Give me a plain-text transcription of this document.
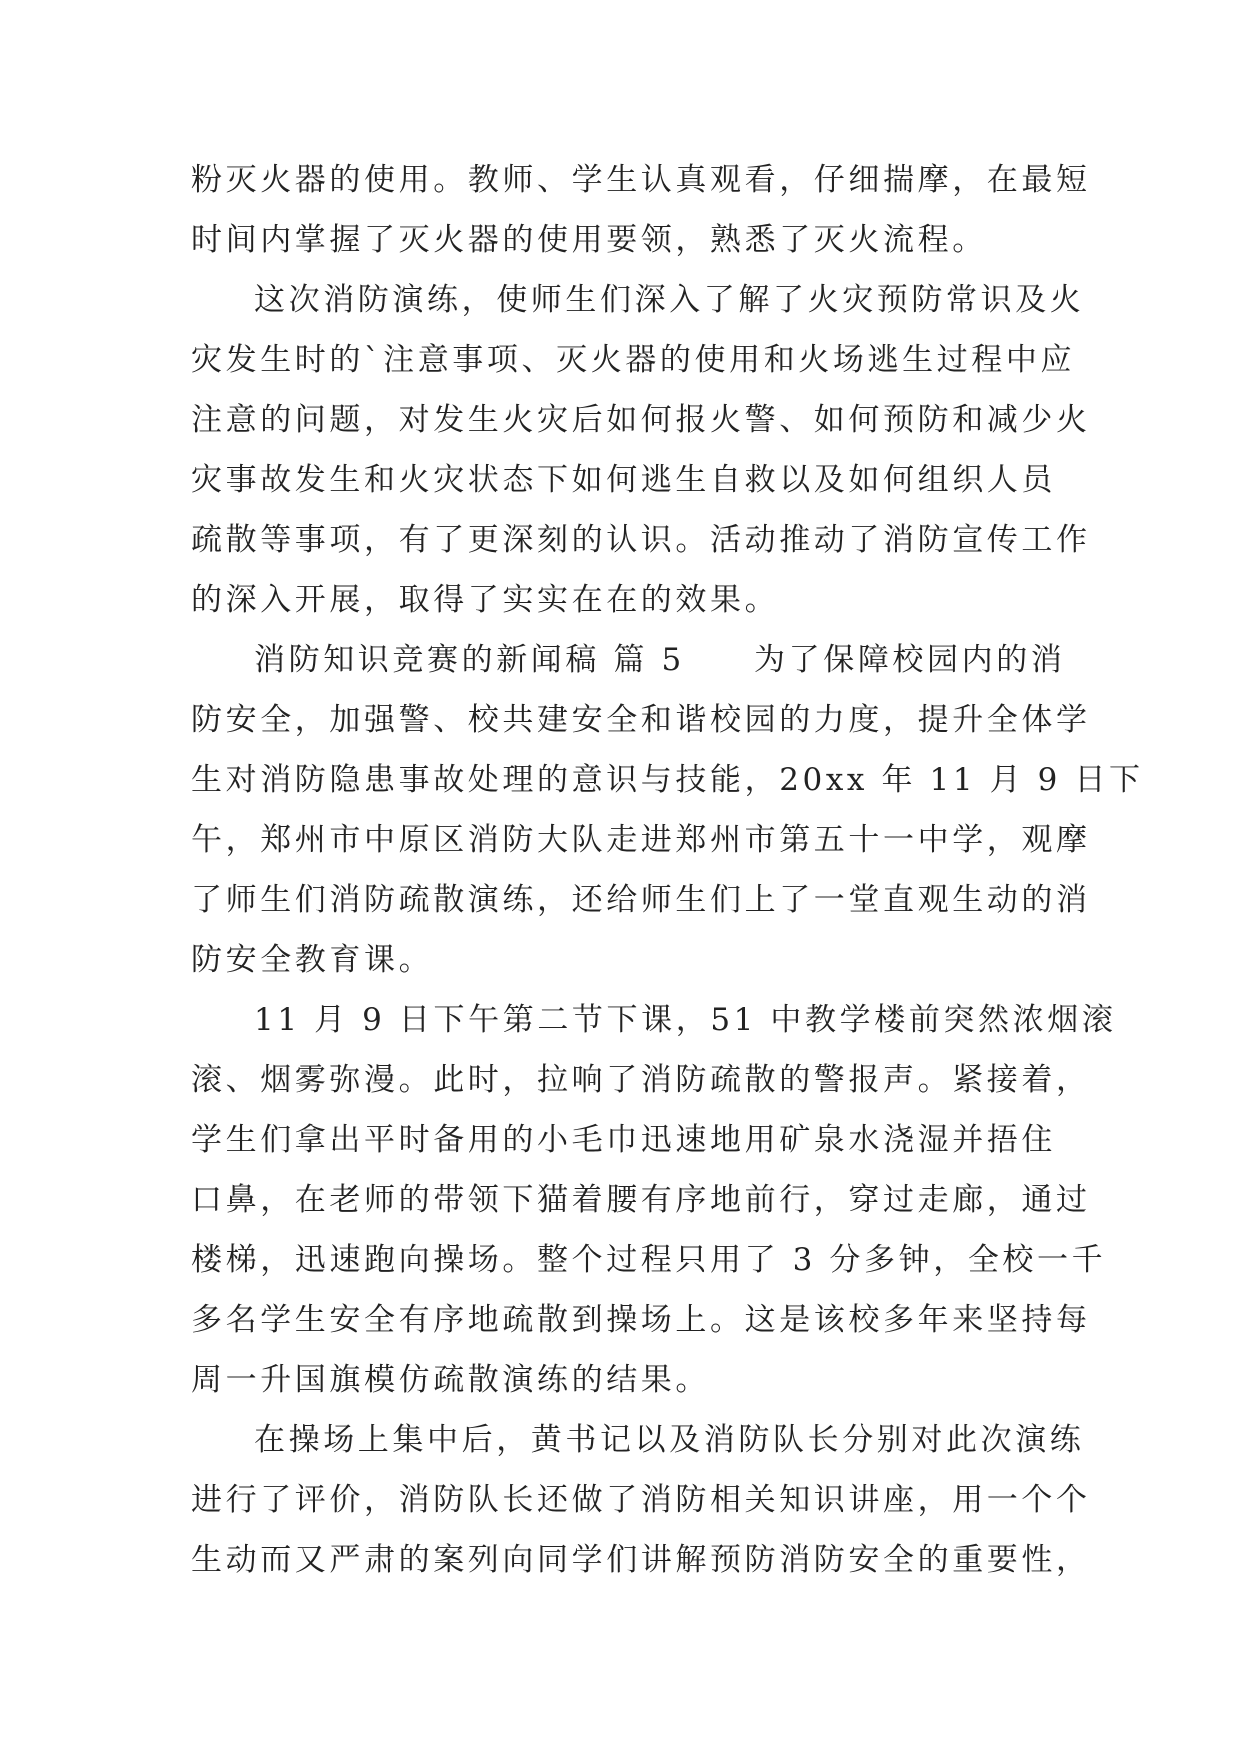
粉灭火器的使用。教师、学生认真观看，仔细揣摩，在最短
时间内掌握了灭火器的使用要领，熟悉了灭火流程。
这次消防演练，使师生们深入了解了火灾预防常识及火
灾发生时的`注意事项、灭火器的使用和火场逃生过程中应
注意的问题，对发生火灾后如何报火警、如何预防和减少火
灾事故发生和火灾状态下如何逃生自救以及如何组织人员
疏散等事项，有了更深刻的认识。活动推动了消防宣传工作
的深入开展，取得了实实在在的效果。
消防知识竞赛的新闻稿 篇 5　　为了保障校园内的消
防安全，加强警、校共建安全和谐校园的力度，提升全体学
生对消防隐患事故处理的意识与技能，20xx 年 11 月 9 日下
午，郑州市中原区消防大队走进郑州市第五十一中学，观摩
了师生们消防疏散演练，还给师生们上了一堂直观生动的消
防安全教育课。
11 月 9 日下午第二节下课，51 中教学楼前突然浓烟滚
滚、烟雾弥漫。此时，拉响了消防疏散的警报声。紧接着，
学生们拿出平时备用的小毛巾迅速地用矿泉水浇湿并捂住
口鼻，在老师的带领下猫着腰有序地前行，穿过走廊，通过
楼梯，迅速跑向操场。整个过程只用了 3 分多钟，全校一千
多名学生安全有序地疏散到操场上。这是该校多年来坚持每
周一升国旗模仿疏散演练的结果。
在操场上集中后，黄书记以及消防队长分别对此次演练
进行了评价，消防队长还做了消防相关知识讲座，用一个个
生动而又严肃的案列向同学们讲解预防消防安全的重要性，
